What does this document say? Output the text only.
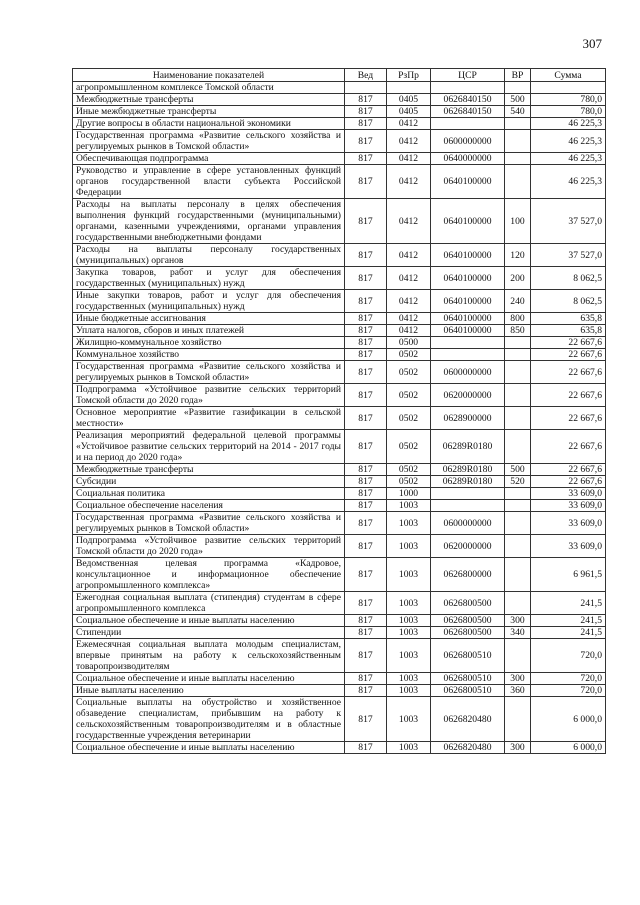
307
Наименование показателей	Вед	РзПр	ЦСР	ВР	Сумма
агропромышленном комплексе Томской области					
Межбюджетные трансферты	817	0405	0626840150	500	780,0
Иные межбюджетные трансферты	817	0405	0626840150	540	780,0
Другие вопросы в области национальной экономики	817	0412			46 225,3
Государственная программа «Развитие сельского хозяйства и регулируемых рынков в Томской области»	817	0412	0600000000		46 225,3
Обеспечивающая подпрограмма	817	0412	0640000000		46 225,3
Руководство и управление в сфере установленных функций органов государственной власти субъекта Российской Федерации	817	0412	0640100000		46 225,3
Расходы на выплаты персоналу в целях обеспечения выполнения функций государственными (муниципальными) органами, казенными учреждениями, органами управления государственными внебюджетными фондами	817	0412	0640100000	100	37 527,0
Расходы на выплаты персоналу государственных (муниципальных) органов	817	0412	0640100000	120	37 527,0
Закупка товаров, работ и услуг для обеспечения государственных (муниципальных) нужд	817	0412	0640100000	200	8 062,5
Иные закупки товаров, работ и услуг для обеспечения государственных (муниципальных) нужд	817	0412	0640100000	240	8 062,5
Иные бюджетные ассигнования	817	0412	0640100000	800	635,8
Уплата налогов, сборов и иных платежей	817	0412	0640100000	850	635,8
Жилищно-коммунальное хозяйство	817	0500			22 667,6
Коммунальное хозяйство	817	0502			22 667,6
Государственная программа «Развитие сельского хозяйства и регулируемых рынков в Томской области»	817	0502	0600000000		22 667,6
Подпрограмма «Устойчивое развитие сельских территорий Томской области до 2020 года»	817	0502	0620000000		22 667,6
Основное мероприятие «Развитие газификации в сельской местности»	817	0502	0628900000		22 667,6
Реализация мероприятий федеральной целевой программы «Устойчивое развитие сельских территорий на 2014 - 2017 годы и на период до 2020 года»	817	0502	06289R0180		22 667,6
Межбюджетные трансферты	817	0502	06289R0180	500	22 667,6
Субсидии	817	0502	06289R0180	520	22 667,6
Социальная политика	817	1000			33 609,0
Социальное обеспечение населения	817	1003			33 609,0
Государственная программа «Развитие сельского хозяйства и регулируемых рынков в Томской области»	817	1003	0600000000		33 609,0
Подпрограмма «Устойчивое развитие сельских территорий Томской области до 2020 года»	817	1003	0620000000		33 609,0
Ведомственная целевая программа «Кадровое, консультационное и информационное обеспечение агропромышленного комплекса»	817	1003	0626800000		6 961,5
Ежегодная социальная выплата (стипендия) студентам в сфере агропромышленного комплекса	817	1003	0626800500		241,5
Социальное обеспечение и иные выплаты населению	817	1003	0626800500	300	241,5
Стипендии	817	1003	0626800500	340	241,5
Ежемесячная социальная выплата молодым специалистам, впервые принятым на работу к сельскохозяйственным товаропроизводителям	817	1003	0626800510		720,0
Социальное обеспечение и иные выплаты населению	817	1003	0626800510	300	720,0
Иные выплаты населению	817	1003	0626800510	360	720,0
Социальные выплаты на обустройство и хозяйственное обзаведение специалистам, прибывшим на работу к сельскохозяйственным товаропроизводителям и в областные государственные учреждения ветеринарии	817	1003	0626820480		6 000,0
Социальное обеспечение и иные выплаты населению	817	1003	0626820480	300	6 000,0
